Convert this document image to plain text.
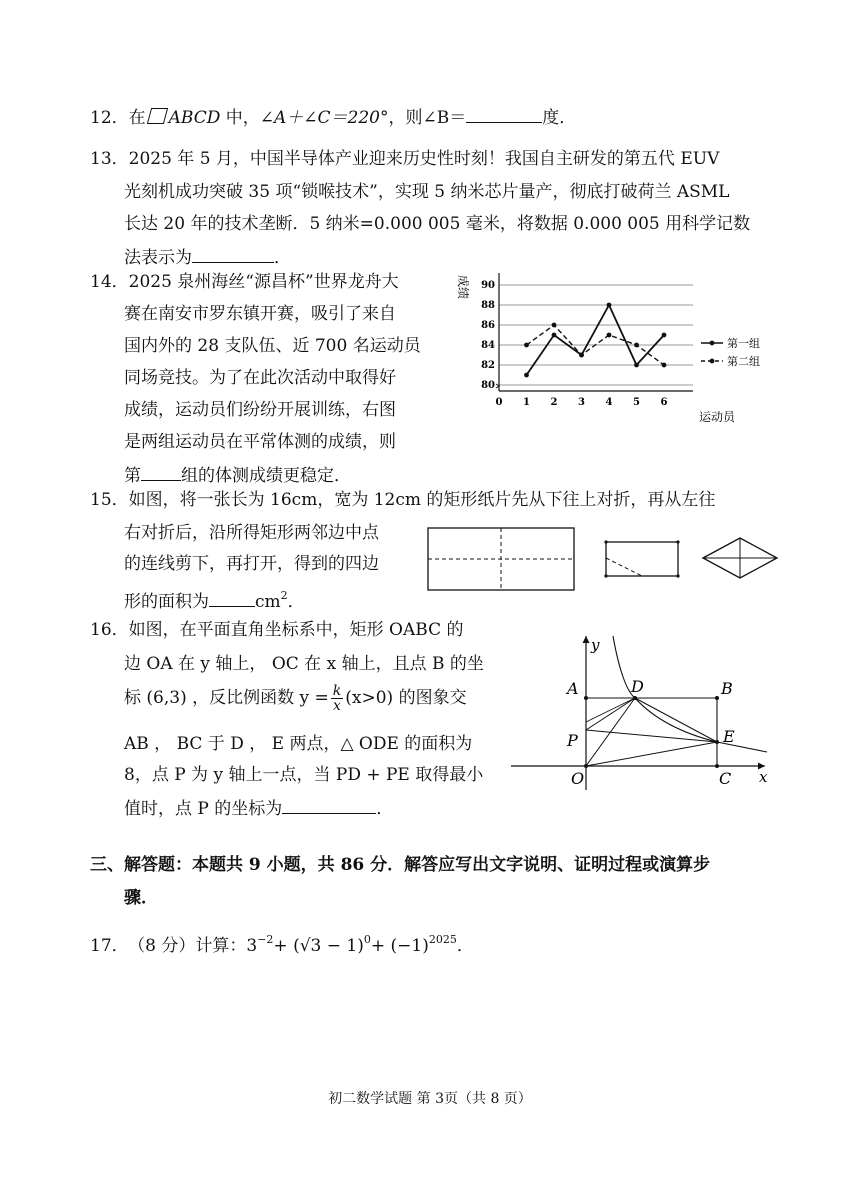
12．在 ABCD 中，∠A＋∠C＝220°，则∠B＝	度．
13．2025 年 5 月，中国半导体产业迎来历史性时刻！我国自主研发的第五代 EUV
光刻机成功突破 35 项“锁喉技术”，实现 5 纳米芯片量产，彻底打破荷兰 ASML
长达 20 年的技术垄断．5 纳米=0.000 005 毫米，将数据 0.000 005 用科学记数
法表示为	．
14．2025 泉州海丝“源昌杯”世界龙舟大
赛在南安市罗东镇开赛，吸引了来自
国内外的 28 支队伍、近 700 名运动员
同场竞技。为了在此次活动中取得好
成绩，运动员们纷纷开展训练，右图
是两组运动员在平常体测的成绩，则
第 组的体测成绩更稳定．
80
82
84
86
88
90
0 1 2 3 4 5 6
成绩
运动员
第一组
第二组
15．如图，将一张长为 16cm，宽为 12cm 的矩形纸片先从下往上对折，再从左往
右对折后，沿所得矩形两邻边中点
的连线剪下，再打开，得到的四边
形的面积为	$cm^2$．
16．如图，在平面直角坐标系中，矩形 OABC 的
边 OA 在 y 轴上， OC 在 x 轴上，且点 B 的坐
标 (6,3) ，反比例函数 $y = \frac{k}{x} (x>0)$ 的图象交
AB ， BC 于 D ， E 两点，△ ODE 的面积为
8，点 P 为 y 轴上一点，当 PD + PE 取得最小
值时，点 P 的坐标为	．
y
x
A	D	B
P	E
O	C
三、解答题：本题共 9 小题，共 86 分．解答应写出文字说明、证明过程或演算步
骤．
17． （8 分）计算：$3^{-2}+ (√3 - 1)^0+ (-1)^{2025}$．
初二数学试题 第 3页（共 8 页）
